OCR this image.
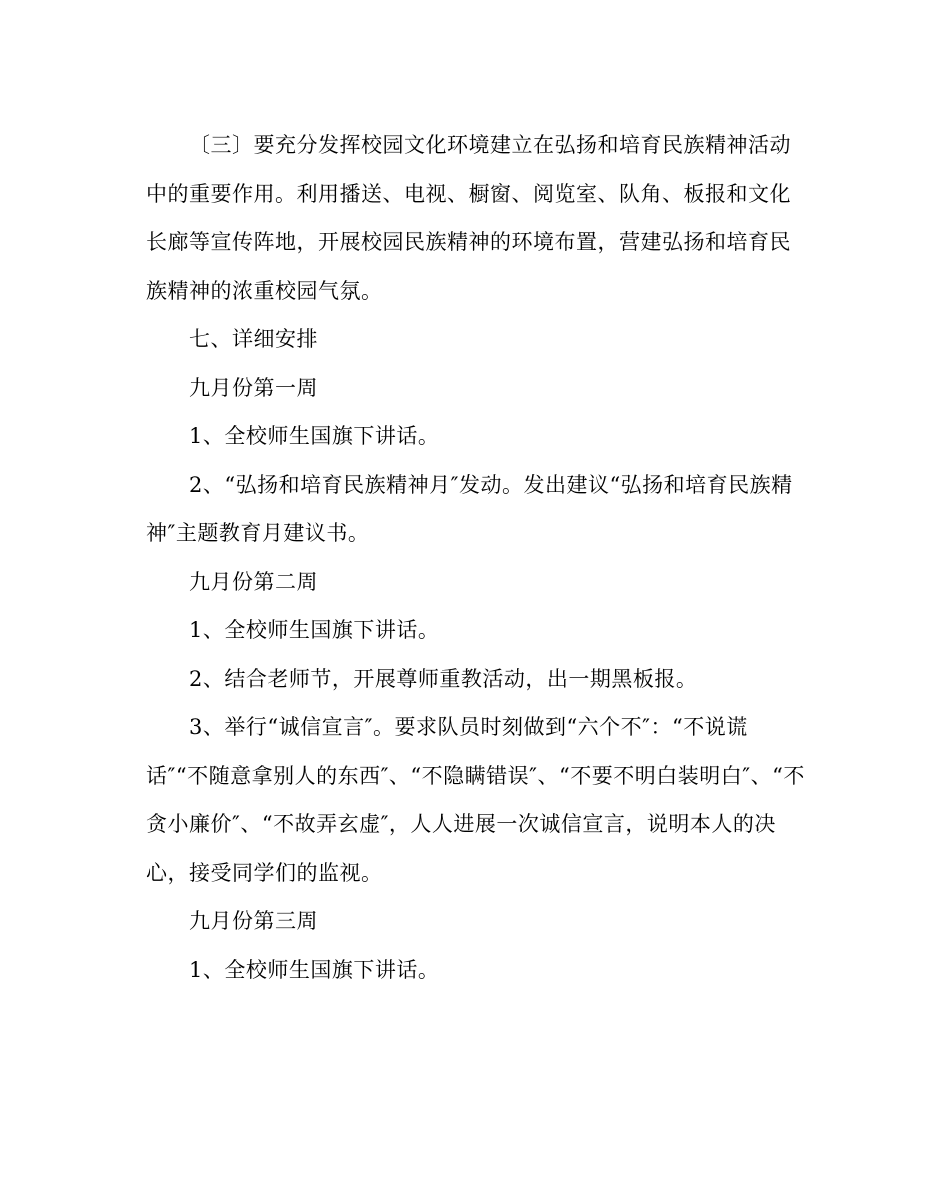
〔三〕要充分发挥校园文化环境建立在弘扬和培育民族精神活动中的重要作用。利用播送、电视、橱窗、阅览室、队角、板报和文化长廊等宣传阵地，开展校园民族精神的环境布置，营建弘扬和培育民族精神的浓重校园气氛。

七、详细安排

九月份第一周

1、全校师生国旗下讲话。

2、“弘扬和培育民族精神月″发动。发出建议“弘扬和培育民族精神″主题教育月建议书。

九月份第二周

1、全校师生国旗下讲话。

2、结合老师节，开展尊师重教活动，出一期黑板报。

3、举行“诚信宣言″。要求队员时刻做到“六个不″：“不说谎话″“不随意拿别人的东西″、“不隐瞒错误″、“不要不明白装明白″、“不贪小廉价″、“不故弄玄虚″，人人进展一次诚信宣言，说明本人的决心，接受同学们的监视。

九月份第三周

1、全校师生国旗下讲话。
